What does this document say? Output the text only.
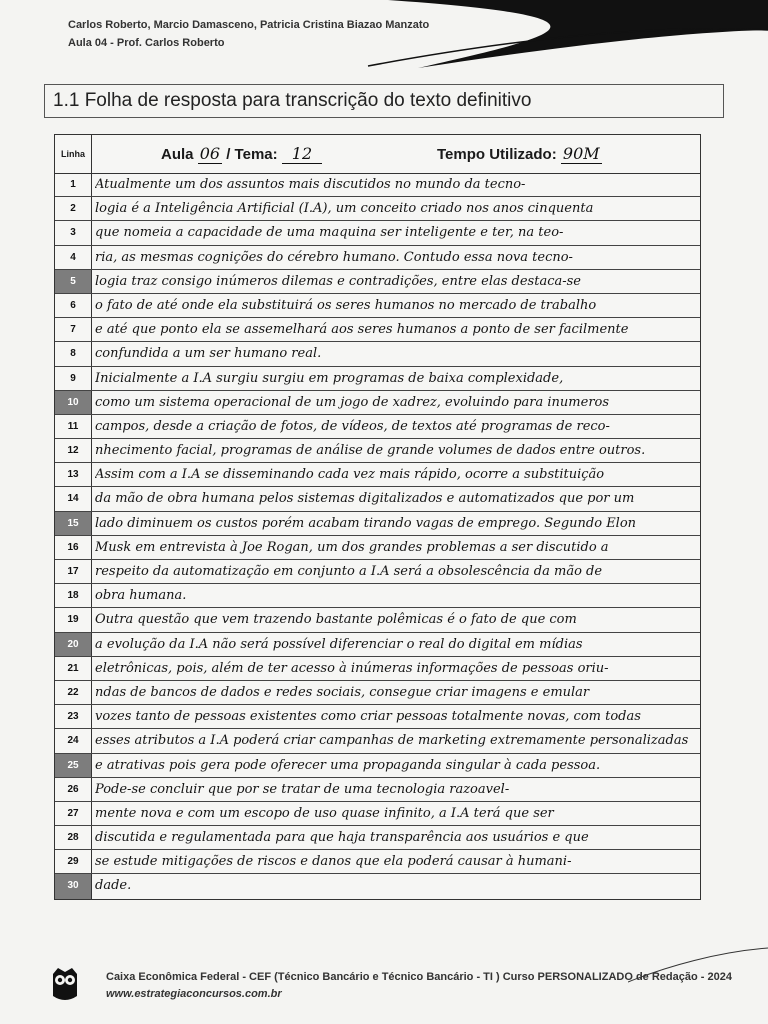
Carlos Roberto, Marcio Damasceno, Patricia Cristina Biazao Manzato
Aula 04 - Prof. Carlos Roberto
1.1 Folha de resposta para transcrição do texto definitivo
Linha	Aula 06 / Tema: 12	Tempo Utilizado: 90M
1	Atualmente um dos assuntos mais discutidos no mundo da tecno-
2	logia é a Inteligência Artificial (I.A), um conceito criado nos anos cinquenta
3	que nomeia a capacidade de uma maquina ser inteligente e ter, na teo-
4	ria, as mesmas cognições do cérebro humano. Contudo essa nova tecno-
5	logia traz consigo inúmeros dilemas e contradições, entre elas destaca-se
6	o fato de até onde ela substituirá os seres humanos no mercado de trabalho
7	e até que ponto ela se assemelhará aos seres humanos a ponto de ser facilmente
8	confundida a um ser humano real.
9	Inicialmente a I.A surgiu surgiu em programas de baixa complexidade,
10	como um sistema operacional de um jogo de xadrez, evoluindo para inumeros
11	campos, desde a criação de fotos, de vídeos, de textos até programas de reco-
12	nhecimento facial, programas de análise de grande volumes de dados entre outros.
13	Assim com a I.A se disseminando cada vez mais rápido, ocorre a substituição
14	da mão de obra humana pelos sistemas digitalizados e automatizados que por um
15	lado diminuem os custos porém acabam tirando vagas de emprego. Segundo Elon
16	Musk em entrevista à Joe Rogan, um dos grandes problemas a ser discutido a
17	respeito da automatização em conjunto a I.A será a obsolescência da mão de
18	obra humana.
19	Outra questão que vem trazendo bastante polêmicas é o fato de que com
20	a evolução da I.A não será possível diferenciar o real do digital em mídias
21	eletrônicas, pois, além de ter acesso à inúmeras informações de pessoas oriu-
22	ndas de bancos de dados e redes sociais, consegue criar imagens e emular
23	vozes tanto de pessoas existentes como criar pessoas totalmente novas, com todas
24	esses atributos a I.A poderá criar campanhas de marketing extremamente personalizadas
25	e atrativas pois gera pode oferecer uma propaganda singular à cada pessoa.
26	Pode-se concluir que por se tratar de uma tecnologia razoavel-
27	mente nova e com um escopo de uso quase infinito, a I.A terá que ser
28	discutida e regulamentada para que haja transparência aos usuários e que
29	se estude mitigações de riscos e danos que ela poderá causar à humani-
30	dade.
Caixa Econômica Federal - CEF (Técnico Bancário e Técnico Bancário - TI ) Curso PERSONALIZADO de Redação - 2024
www.estrategiaconcursos.com.br
